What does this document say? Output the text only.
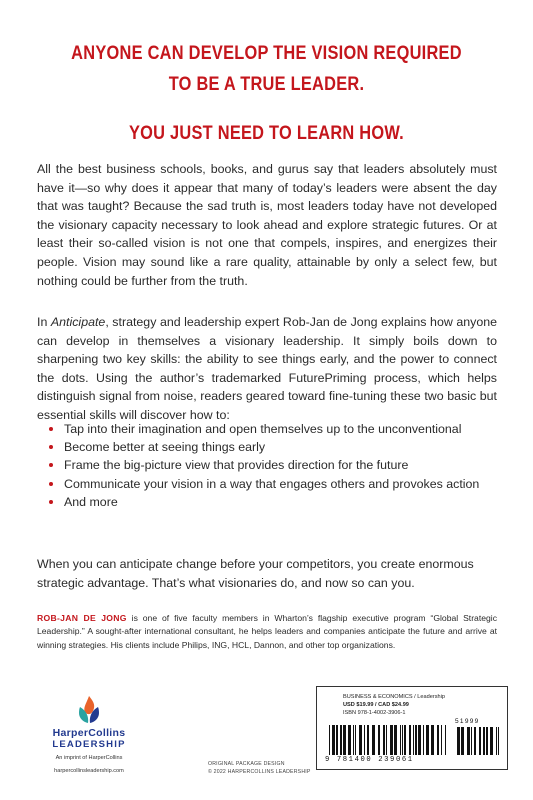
ANYONE CAN DEVELOP THE VISION REQUIRED
TO BE A TRUE LEADER.
YOU JUST NEED TO LEARN HOW.
All the best business schools, books, and gurus say that leaders absolutely must have it—so why does it appear that many of today’s leaders were absent the day that was taught? Because the sad truth is, most leaders today have not developed the visionary capacity necessary to look ahead and explore strategic futures. Or at least their so-called vision is not one that compels, inspires, and energizes their people. Vision may sound like a rare quality, attainable by only a select few, but nothing could be further from the truth.
In Anticipate, strategy and leadership expert Rob-Jan de Jong explains how anyone can develop in themselves a visionary leadership. It simply boils down to sharpening two key skills: the ability to see things early, and the power to connect the dots. Using the author’s trademarked FuturePriming process, which helps distinguish signal from noise, readers geared toward fine-tuning these two basic but essential skills will discover how to:
Tap into their imagination and open themselves up to the unconventional
Become better at seeing things early
Frame the big-picture view that provides direction for the future
Communicate your vision in a way that engages others and provokes action
And more
When you can anticipate change before your competitors, you create enormous strategic advantage. That’s what visionaries do, and now so can you.
ROB-JAN DE JONG is one of five faculty members in Wharton’s flagship executive program “Global Strategic Leadership.” A sought-after international consultant, he helps leaders and companies anticipate the future and arrive at winning strategies. His clients include Philips, ING, HCL, Dannon, and other top organizations.
HarperCollins
LEADERSHIP
An imprint of HarperCollins
harpercollinsleadership.com
ORIGINAL PACKAGE DESIGN
© 2022 HARPERCOLLINS LEADERSHIP
BUSINESS & ECONOMICS / Leadership
USD $19.99 / CAD $24.99
ISBN 978-1-4002-3906-1
51999
9 781400 239061
